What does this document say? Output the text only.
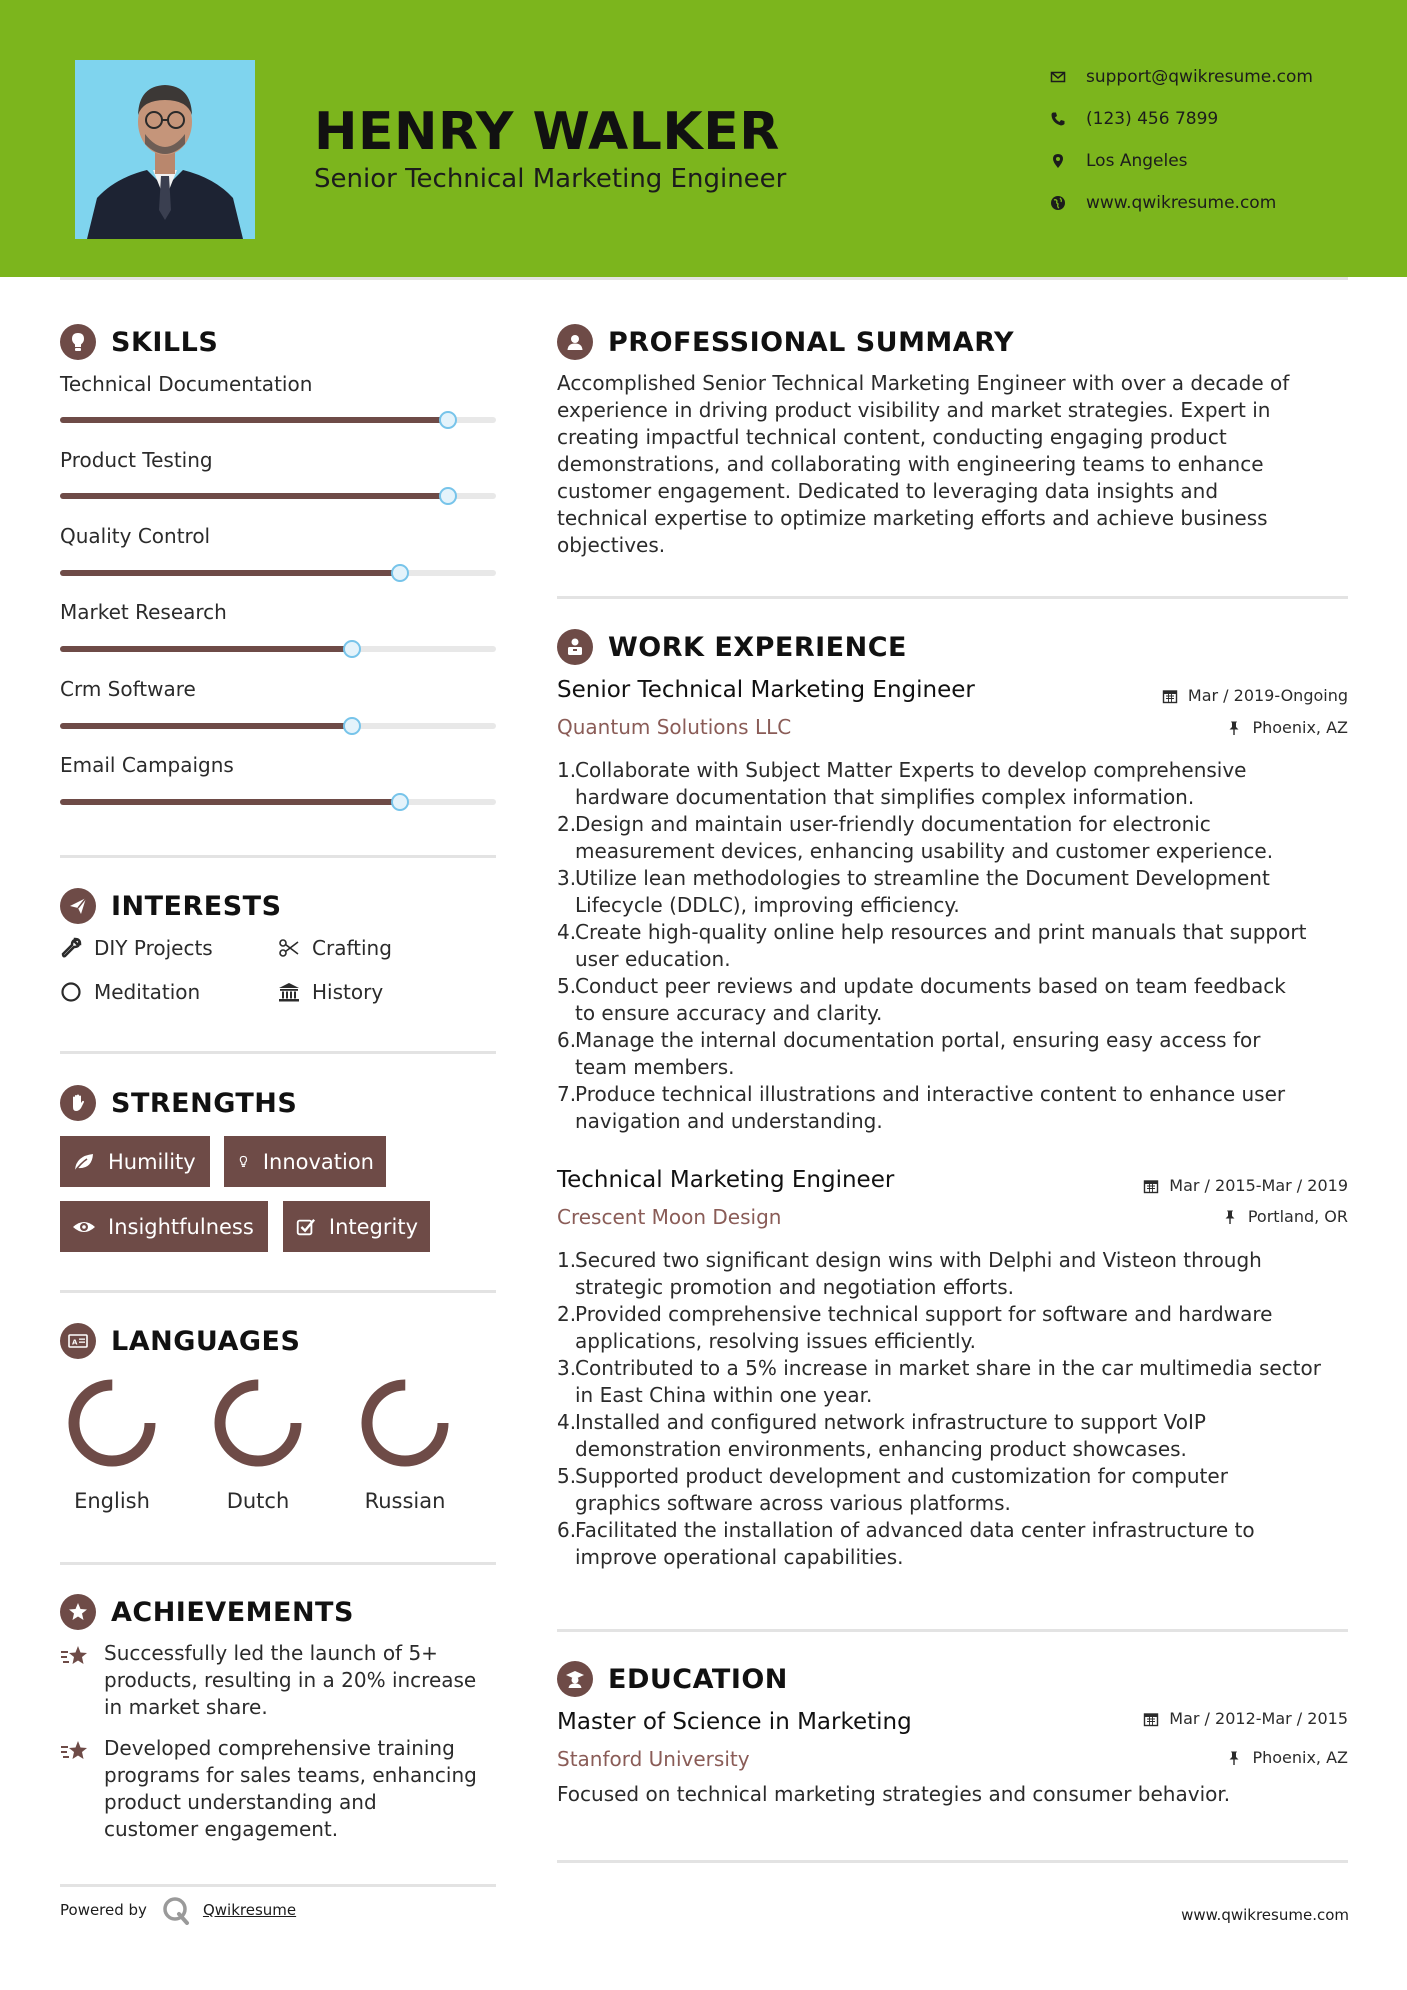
HENRY WALKER
Senior Technical Marketing Engineer
support@qwikresume.com
(123) 456 7899
Los Angeles
www.qwikresume.com
SKILLS
Technical Documentation
Product Testing
Quality Control
Market Research
Crm Software
Email Campaigns
INTERESTS
DIY Projects	Crafting
Meditation	History
STRENGTHS
Humility	Innovation
Insightfulness	Integrity
A LANGUAGES
English	Dutch	Russian
ACHIEVEMENTS
Successfully led the launch of 5+
products, resulting in a 20% increase
in market share.
Developed comprehensive training
programs for sales teams, enhancing
product understanding and
customer engagement.
PROFESSIONAL SUMMARY
Accomplished Senior Technical Marketing Engineer with over a decade of
experience in driving product visibility and market strategies. Expert in
creating impactful technical content, conducting engaging product
demonstrations, and collaborating with engineering teams to enhance
customer engagement. Dedicated to leveraging data insights and
technical expertise to optimize marketing efforts and achieve business
objectives.
WORK EXPERIENCE
Senior Technical Marketing Engineer
Quantum Solutions LLC
Mar / 2019-Ongoing
Phoenix, AZ
1.
Collaborate with Subject Matter Experts to develop comprehensive
hardware documentation that simplifies complex information.
2.
Design and maintain user-friendly documentation for electronic
measurement devices, enhancing usability and customer experience.
3.
Utilize lean methodologies to streamline the Document Development
Lifecycle (DDLC), improving efficiency.
4.
Create high-quality online help resources and print manuals that support
user education.
5.
Conduct peer reviews and update documents based on team feedback
to ensure accuracy and clarity.
6.
Manage the internal documentation portal, ensuring easy access for
team members.
7.
Produce technical illustrations and interactive content to enhance user
navigation and understanding.
Technical Marketing Engineer
Crescent Moon Design
Mar / 2015-Mar / 2019
Portland, OR
1.
Secured two significant design wins with Delphi and Visteon through
strategic promotion and negotiation efforts.
2.
Provided comprehensive technical support for software and hardware
applications, resolving issues efficiently.
3.
Contributed to a 5% increase in market share in the car multimedia sector
in East China within one year.
4.
Installed and configured network infrastructure to support VoIP
demonstration environments, enhancing product showcases.
5.
Supported product development and customization for computer
graphics software across various platforms.
6.
Facilitated the installation of advanced data center infrastructure to
improve operational capabilities.
EDUCATION
Master of Science in Marketing
Stanford University
Mar / 2012-Mar / 2015
Phoenix, AZ
Focused on technical marketing strategies and consumer behavior.
Powered by	Qwikresume	www.qwikresume.com
